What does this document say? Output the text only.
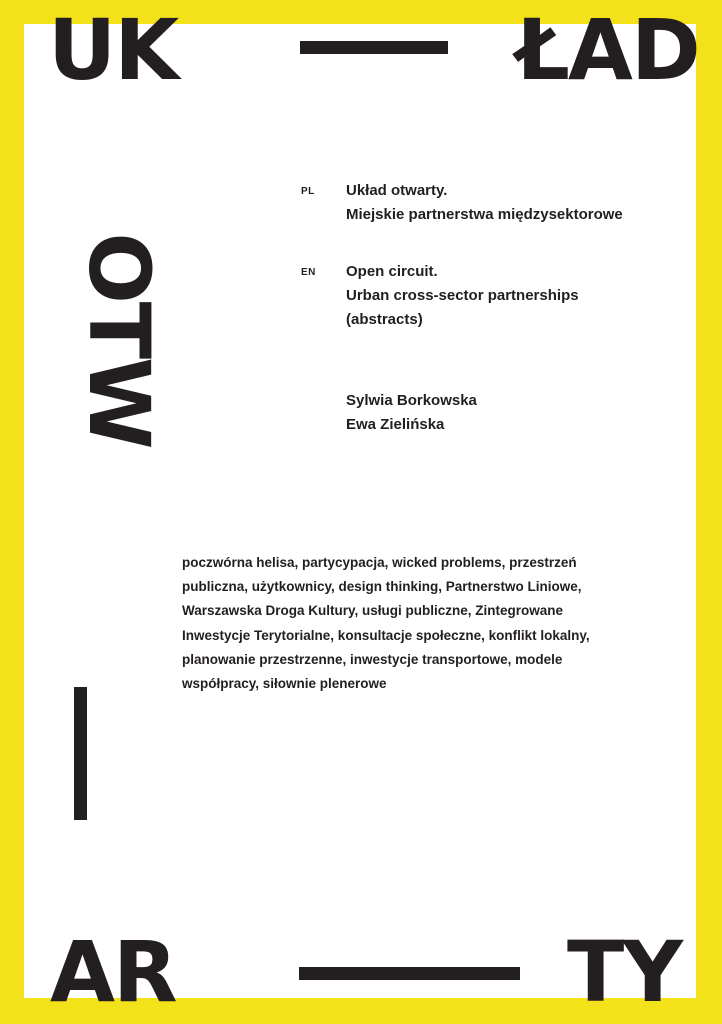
UK	ŁAD
OTW
AR	TY
PL Układ otwarty.
Miejskie partnerstwa międzysektorowe
EN Open circuit.
Urban cross-sector partnerships
(abstracts)
Sylwia Borkowska
Ewa Zielińska
poczwórna helisa, partycypacja, wicked problems, przestrzeń
publiczna, użytkownicy, design thinking, Partnerstwo Liniowe,
Warszawska Droga Kultury, usługi publiczne, Zintegrowane
Inwestycje Terytorialne, konsultacje społeczne, konflikt lokalny,
planowanie przestrzenne, inwestycje transportowe, modele
współpracy, siłownie plenerowe
